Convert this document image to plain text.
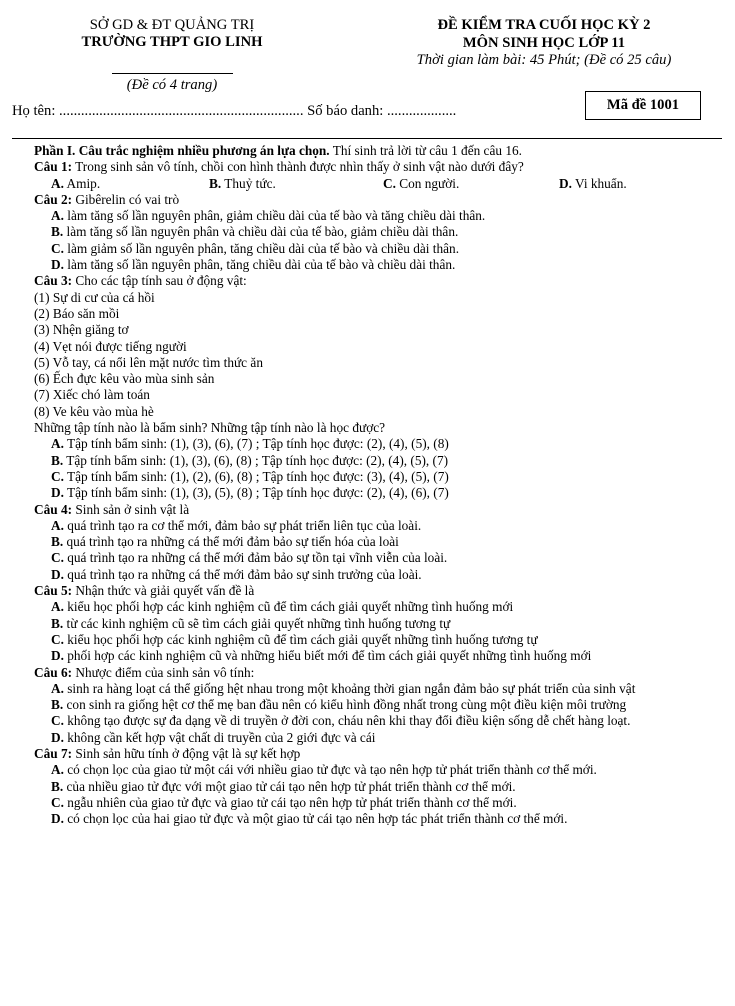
SỞ GD & ĐT QUẢNG TRỊ
TRƯỜNG THPT GIO LINH
(Đề có 4 trang)
ĐỀ KIỂM TRA CUỐI HỌC KỲ 2
MÔN SINH HỌC LỚP 11
Thời gian làm bài: 45 Phút; (Đề có 25 câu)
Họ tên: ................................................................... Số báo danh: ...................	Mã đề 1001
Phần I. Câu trắc nghiệm nhiều phương án lựa chọn. Thí sinh trả lời từ câu 1 đến câu 16.
Câu 1: Trong sinh sản vô tính, chồi con hình thành được nhìn thấy ở sinh vật nào dưới đây?
A. Amip.	B. Thuỷ tức.	C. Con người.	D. Vi khuẩn.
Câu 2: Gibêrelin có vai trò
A. làm tăng số lần nguyên phân, giảm chiều dài của tế bào và tăng chiều dài thân.
B. làm tăng số lần nguyên phân và chiều dài của tế bào, giảm chiều dài thân.
C. làm giảm số lần nguyên phân, tăng chiều dài của tế bào và chiều dài thân.
D. làm tăng số lần nguyên phân, tăng chiều dài của tế bào và chiều dài thân.
Câu 3: Cho các tập tính sau ở động vật:
(1) Sự di cư của cá hồi
(2) Báo săn mồi
(3) Nhện giăng tơ
(4) Vẹt nói được tiếng người
(5) Vỗ tay, cá nổi lên mặt nước tìm thức ăn
(6) Ếch đực kêu vào mùa sinh sản
(7) Xiếc chó làm toán
(8) Ve kêu vào mùa hè
Những tập tính nào là bẩm sinh? Những tập tính nào là học được?
A. Tập tính bẩm sinh: (1), (3), (6), (7) ; Tập tính học được: (2), (4), (5), (8)
B. Tập tính bẩm sinh: (1), (3), (6), (8) ; Tập tính học được: (2), (4), (5), (7)
C. Tập tính bẩm sinh: (1), (2), (6), (8) ; Tập tính học được: (3), (4), (5), (7)
D. Tập tính bẩm sinh: (1), (3), (5), (8) ; Tập tính học được: (2), (4), (6), (7)
Câu 4: Sinh sản ở sinh vật là
A. quá trình tạo ra cơ thể mới, đảm bảo sự phát triển liên tục của loài.
B. quá trình tạo ra những cá thể mới đảm bảo sự tiến hóa của loài
C. quá trình tạo ra những cá thể mới đảm bảo sự tồn tại vĩnh viễn của loài.
D. quá trình tạo ra những cá thể mới đảm bảo sự sinh trưởng của loài.
Câu 5: Nhận thức và giải quyết vấn đề là
A. kiểu học phối hợp các kinh nghiệm cũ để tìm cách giải quyết những tình huống mới
B. từ các kinh nghiệm cũ sẽ tìm cách giải quyết những tình huống tương tự
C. kiểu học phối hợp các kinh nghiệm cũ để tìm cách giải quyết những tình huống tương tự
D. phối hợp các kinh nghiệm cũ và những hiểu biết mới để tìm cách giải quyết những tình huống mới
Câu 6: Nhược điểm của sinh sản vô tính:
A. sinh ra hàng loạt cá thể giống hệt nhau trong một khoảng thời gian ngắn đảm bảo sự phát triển của sinh vật
B. con sinh ra giống hệt cơ thể mẹ ban đầu nên có kiểu hình đồng nhất trong cùng một điều kiện môi trường
C. không tạo được sự đa dạng về di truyền ở đời con, cháu nên khi thay đổi điều kiện sống dễ chết hàng loạt.
D. không cần kết hợp vật chất di truyền của 2 giới đực và cái
Câu 7: Sinh sản hữu tính ở động vật là sự kết hợp
A. có chọn lọc của giao tử một cái với nhiều giao tử đực và tạo nên hợp tử phát triển thành cơ thể mới.
B. của nhiều giao tử đực với một giao tử cái tạo nên hợp tử phát triển thành cơ thể mới.
C. ngẫu nhiên của giao tử đực và giao tử cái tạo nên hợp tử phát triển thành cơ thể mới.
D. có chọn lọc của hai giao tử đực và một giao tử cái tạo nên hợp tác phát triển thành cơ thể mới.
